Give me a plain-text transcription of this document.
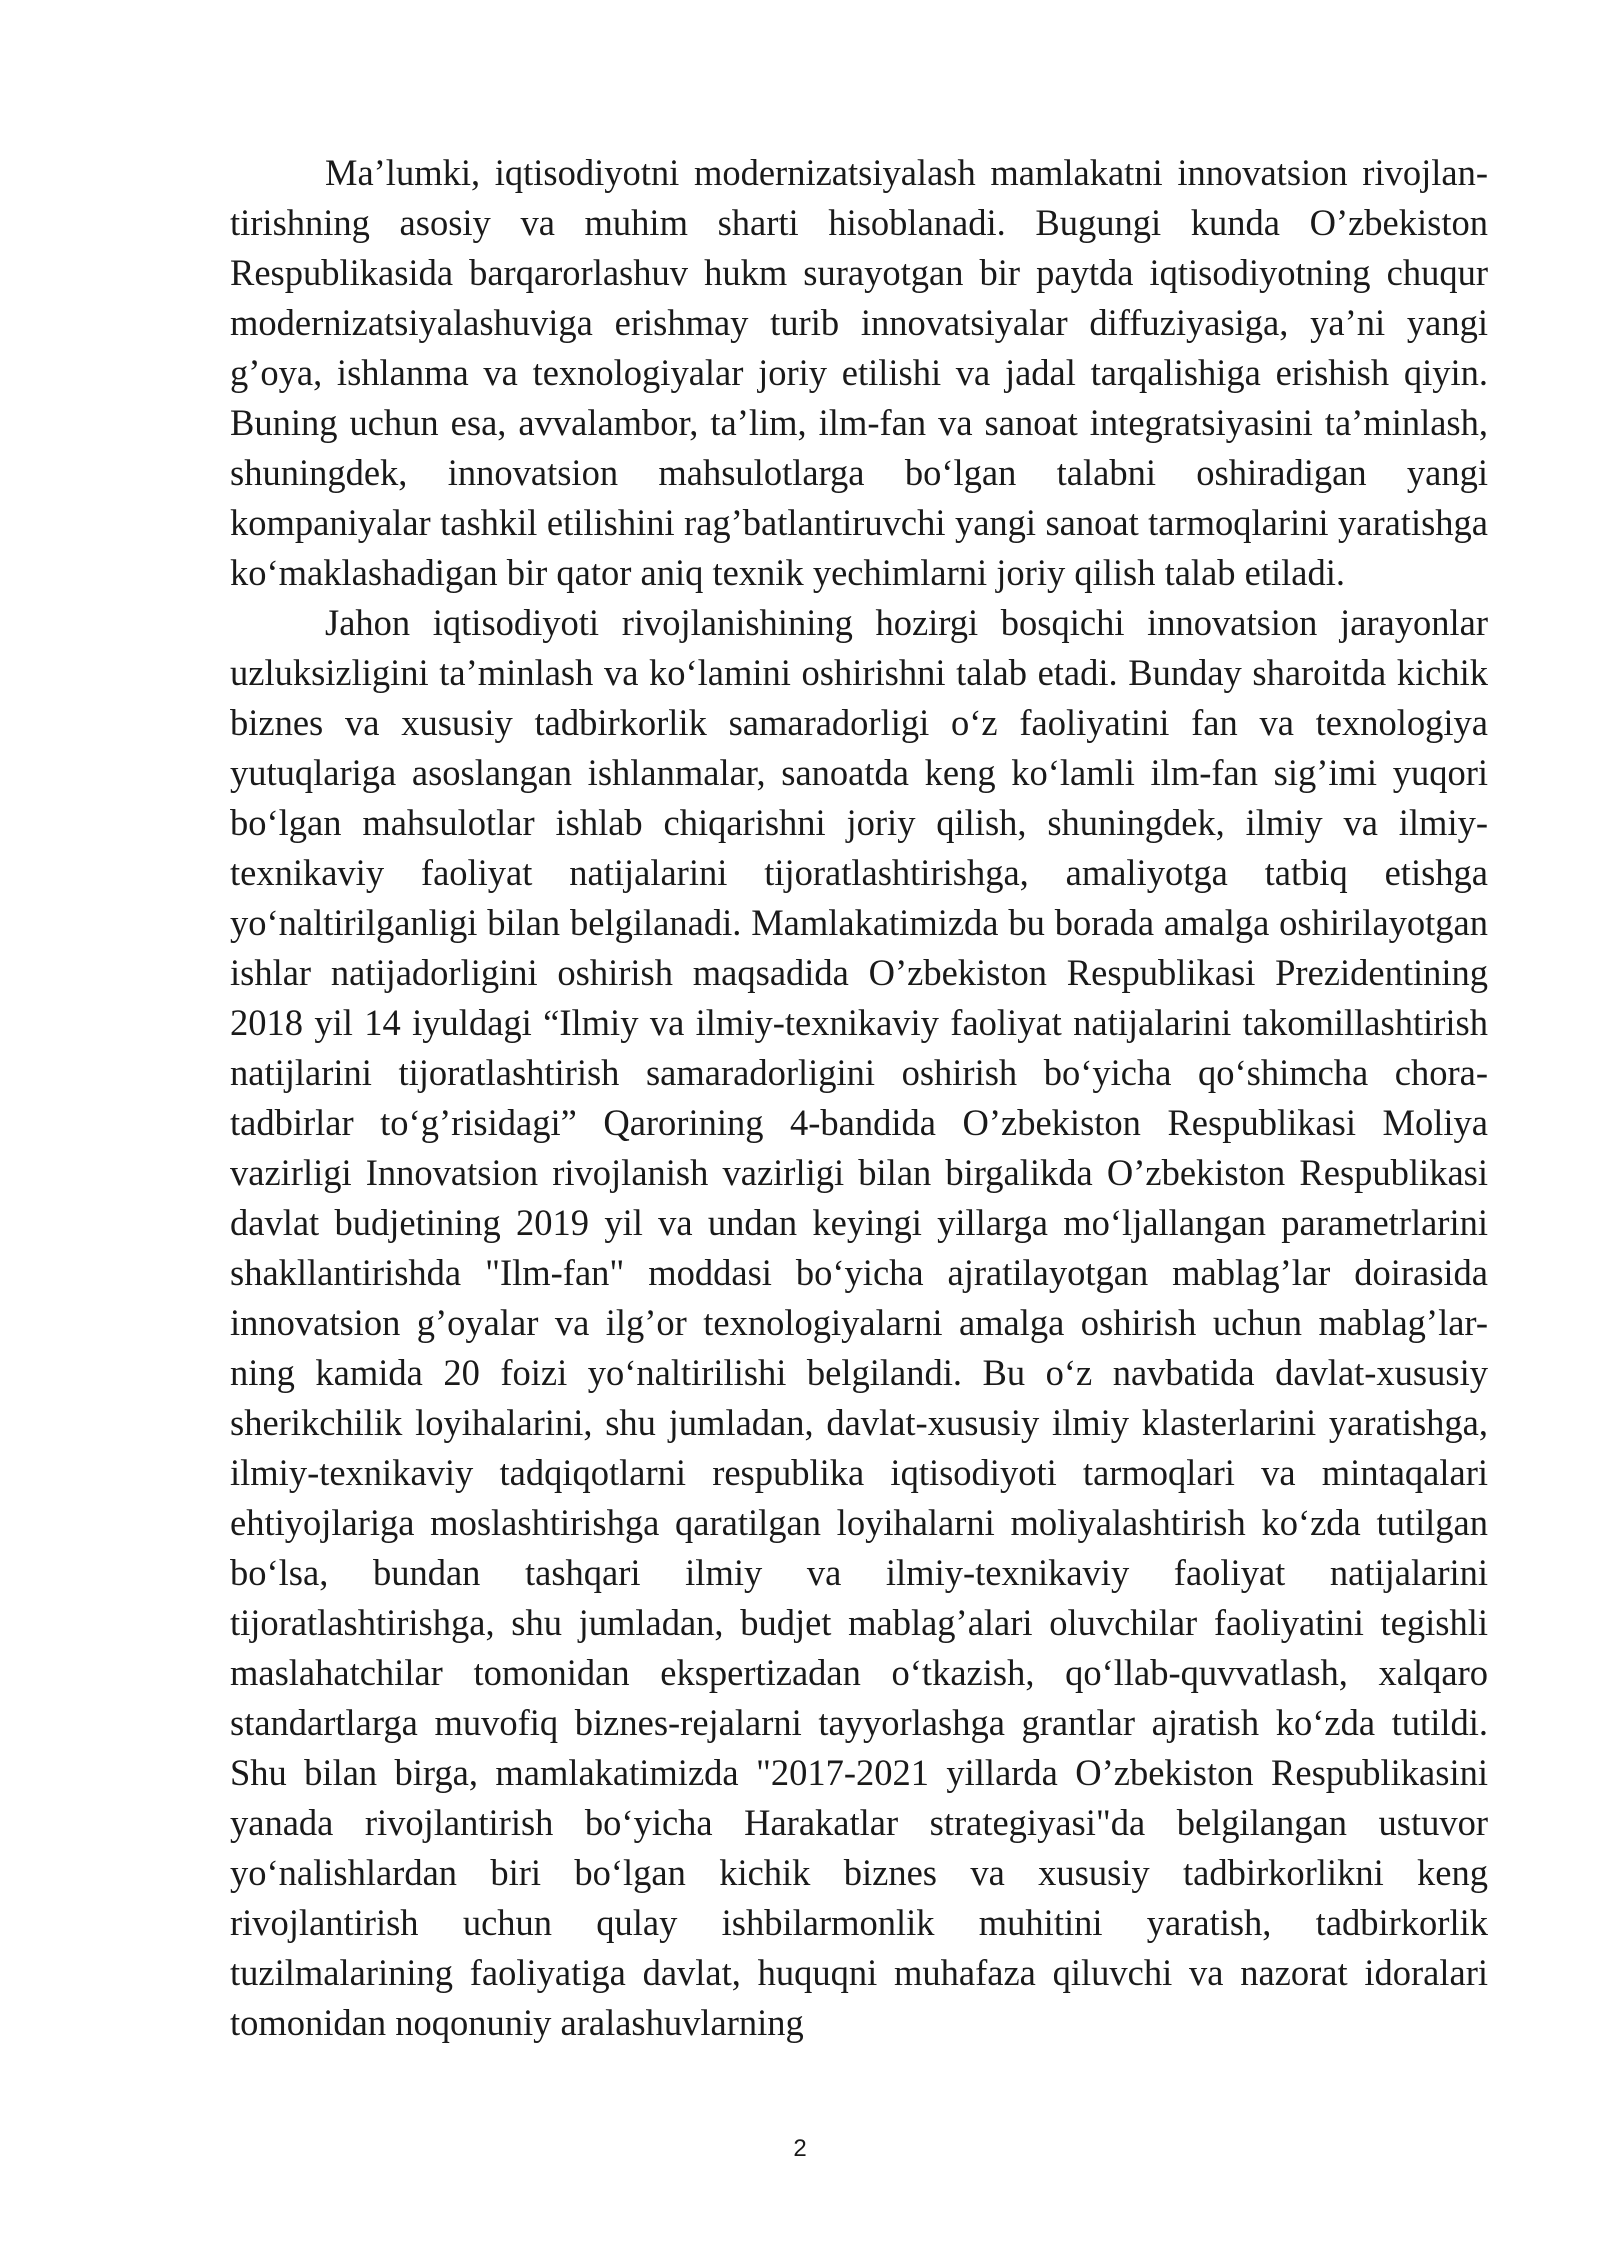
Ma’lumki, iqtisodiyotni modernizatsiyalash mamlakatni innovatsion rivojlan-tirishning asosiy va muhim sharti hisoblanadi. Bugungi kunda O’zbekiston Respublikasida barqarorlashuv hukm surayotgan bir paytda iqtisodiyotning chuqur modernizatsiyalashuviga erishmay turib innovatsiyalar diffuziyasiga, ya’ni yangi g’oya, ishlanma va texnologiyalar joriy etilishi va jadal tarqalishiga erishish qiyin. Buning uchun esa, avvalambor, ta’lim, ilm-fan va sanoat integratsiyasini ta’minlash, shuningdek, innovatsion mahsulotlarga bo‘lgan talabni oshiradigan yangi kompaniyalar tashkil etilishini rag’batlantiruvchi yangi sanoat tarmoqlarini yaratishga ko‘maklashadigan bir qator aniq texnik yechimlarni joriy qilish talab etiladi.

Jahon iqtisodiyoti rivojlanishining hozirgi bosqichi innovatsion jarayonlar uzluksizligini ta’minlash va ko‘lamini oshirishni talab etadi. Bunday sharoitda kichik biznes va xususiy tadbirkorlik samaradorligi o‘z faoliyatini fan va texnologiya yutuqlariga asoslangan ishlanmalar, sanoatda keng ko‘lamli ilm-fan sig’imi yuqori bo‘lgan mahsulotlar ishlab chiqarishni joriy qilish, shuningdek, ilmiy va ilmiy-texnikaviy faoliyat natijalarini tijoratlashtirishga, amaliyotga tatbiq etishga yo‘naltirilganligi bilan belgilanadi. Mamlakatimizda bu borada amalga oshirilayotgan ishlar natijadorligini oshirish maqsadida O’zbekiston Respublikasi Prezidentining 2018 yil 14 iyuldagi “Ilmiy va ilmiy-texnikaviy faoliyat natijalarini takomillashtirish natijlarini tijoratlashtirish samaradorligini oshirish bo‘yicha qo‘shimcha chora-tadbirlar to‘g’risidagi” Qarorining 4-bandida O’zbekiston Respublikasi Moliya vazirligi Innovatsion rivojlanish vazirligi bilan birgalikda O’zbekiston Respublikasi davlat budjetining 2019 yil va undan keyingi yillarga mo‘ljallangan parametrlarini shakllantirishda "Ilm-fan" moddasi bo‘yicha ajratilayotgan mablag’lar doirasida innovatsion g’oyalar va ilg’or texnologiyalarni amalga oshirish uchun mablag’lar-ning kamida 20 foizi yo‘naltirilishi belgilandi. Bu o‘z navbatida davlat-xususiy sherikchilik loyihalarini, shu jumladan, davlat-xususiy ilmiy klasterlarini yaratishga, ilmiy-texnikaviy tadqiqotlarni respublika iqtisodiyoti tarmoqlari va mintaqalari ehtiyojlariga moslashtirishga qaratilgan loyihalarni moliyalashtirish ko‘zda tutilgan bo‘lsa, bundan tashqari ilmiy va ilmiy-texnikaviy faoliyat natijalarini tijoratlashtirishga, shu jumladan, budjet mablag’alari oluvchilar faoliyatini tegishli maslahatchilar tomonidan ekspertizadan o‘tkazish, qo‘llab-quvvatlash, xalqaro standartlarga muvofiq biznes-rejalarni tayyorlashga grantlar ajratish ko‘zda tutildi. Shu bilan birga, mamlakatimizda "2017-2021 yillarda O’zbekiston Respublikasini yanada rivojlantirish bo‘yicha Harakatlar strategiyasi"da belgilangan ustuvor yo‘nalishlardan biri bo‘lgan kichik biznes va xususiy tadbirkorlikni keng rivojlantirish uchun qulay ishbilarmonlik muhitini yaratish, tadbirkorlik tuzilmalarining faoliyatiga davlat, huquqni muhafaza qiluvchi va nazorat idoralari tomonidan noqonuniy aralashuvlarning

2
